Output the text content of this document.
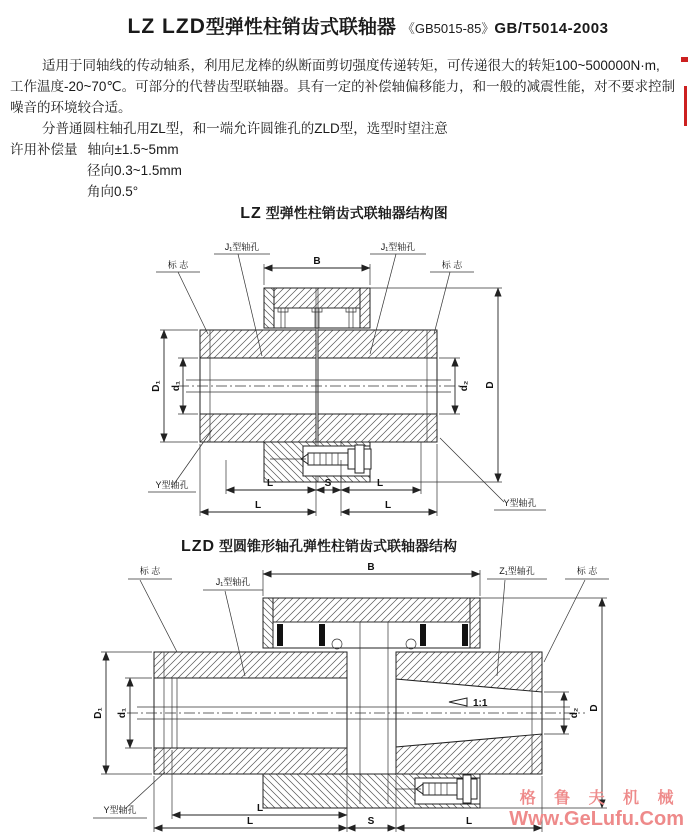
LZ LZD型弹性柱销齿式联轴器 《GB5015-85》GB/T5014-2003
适用于同轴线的传动轴系，利用尼龙棒的纵断面剪切强度传递转矩，可传递很大的转矩100~500000N·m,
工作温度-20~70℃。可部分的代替齿型联轴器。具有一定的补偿轴偏移能力，和一般的减震性能，对不要求控制
噪音的环境较合适。
分普通圆柱轴孔用ZL型，和一端允许圆锥孔的ZLD型，选型时望注意
许用补偿量 轴向±1.5~5mm
径向0.3~1.5mm
角向0.5°
LZ 型弹性柱销齿式联轴器结构图
B
D
D₁ d₁	d₂
L	S	L
L	L
标 志
J₁型轴孔	J₁型轴孔
标 志
Y型轴孔
Y型轴孔
LZD 型圆锥形轴孔弹性柱销齿式联轴器结构
1:1
B
D
D₁ d₁	d₂
L
L	S	L
标 志
J₁型轴孔
Z₁型轴孔	标 志
Y型轴孔
格 鲁 夫 机 械
Www.GeLufu.Com
